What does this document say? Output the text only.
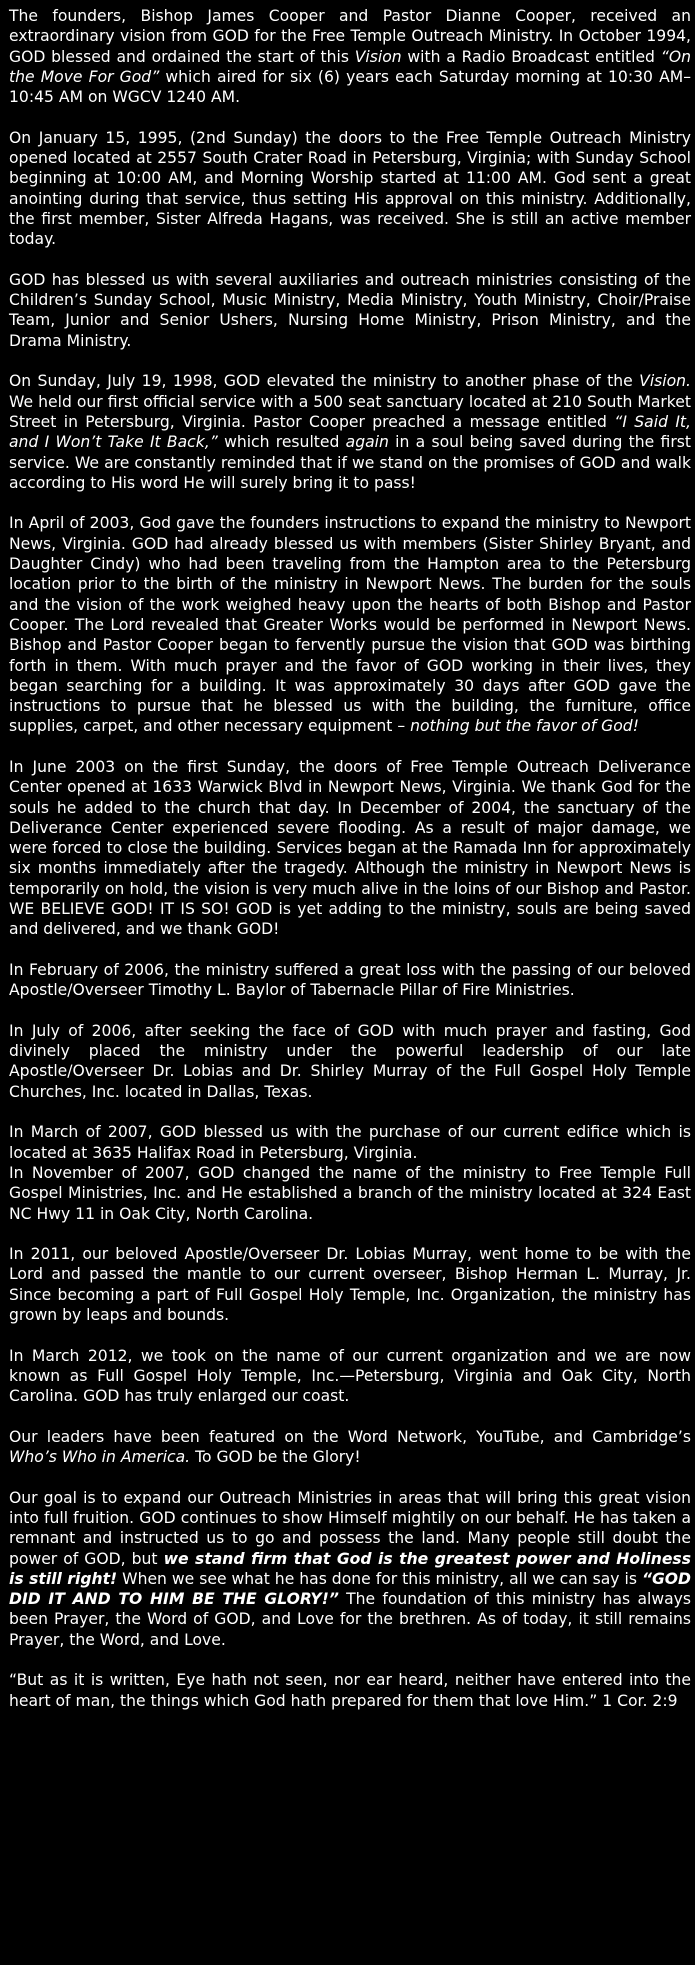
The founders, Bishop James Cooper and Pastor Dianne Cooper, received an extraordinary vision from GOD for the Free Temple Outreach Ministry. In October 1994, GOD blessed and ordained the start of this Vision with a Radio Broadcast entitled “On the Move For God” which aired for six (6) years each Saturday morning at 10:30 AM–10:45 AM on WGCV 1240 AM.

On January 15, 1995, (2nd Sunday) the doors to the Free Temple Outreach Ministry opened located at 2557 South Crater Road in Petersburg, Virginia; with Sunday School beginning at 10:00 AM, and Morning Worship started at 11:00 AM. God sent a great anointing during that service, thus setting His approval on this ministry. Additionally, the first member, Sister Alfreda Hagans, was received. She is still an active member today.

GOD has blessed us with several auxiliaries and outreach ministries consisting of the Children’s Sunday School, Music Ministry, Media Ministry, Youth Ministry, Choir/Praise Team, Junior and Senior Ushers, Nursing Home Ministry, Prison Ministry, and the Drama Ministry.

On Sunday, July 19, 1998, GOD elevated the ministry to another phase of the Vision. We held our first official service with a 500 seat sanctuary located at 210 South Market Street in Petersburg, Virginia. Pastor Cooper preached a message entitled “I Said It, and I Won’t Take It Back,” which resulted again in a soul being saved during the first service. We are constantly reminded that if we stand on the promises of GOD and walk according to His word He will surely bring it to pass!

In April of 2003, God gave the founders instructions to expand the ministry to Newport News, Virginia. GOD had already blessed us with members (Sister Shirley Bryant, and Daughter Cindy) who had been traveling from the Hampton area to the Petersburg location prior to the birth of the ministry in Newport News. The burden for the souls and the vision of the work weighed heavy upon the hearts of both Bishop and Pastor Cooper. The Lord revealed that Greater Works would be performed in Newport News. Bishop and Pastor Cooper began to fervently pursue the vision that GOD was birthing forth in them. With much prayer and the favor of GOD working in their lives, they began searching for a building. It was approximately 30 days after GOD gave the instructions to pursue that he blessed us with the building, the furniture, office supplies, carpet, and other necessary equipment – nothing but the favor of God!

In June 2003 on the first Sunday, the doors of Free Temple Outreach Deliverance Center opened at 1633 Warwick Blvd in Newport News, Virginia. We thank God for the souls he added to the church that day. In December of 2004, the sanctuary of the Deliverance Center experienced severe flooding. As a result of major damage, we were forced to close the building. Services began at the Ramada Inn for approximately six months immediately after the tragedy. Although the ministry in Newport News is temporarily on hold, the vision is very much alive in the loins of our Bishop and Pastor. WE BELIEVE GOD! IT IS SO! GOD is yet adding to the ministry, souls are being saved and delivered, and we thank GOD!

In February of 2006, the ministry suffered a great loss with the passing of our beloved Apostle/Overseer Timothy L. Baylor of Tabernacle Pillar of Fire Ministries.

In July of 2006, after seeking the face of GOD with much prayer and fasting, God divinely placed the ministry under the powerful leadership of our late Apostle/Overseer Dr. Lobias and Dr. Shirley Murray of the Full Gospel Holy Temple Churches, Inc. located in Dallas, Texas.

In March of 2007, GOD blessed us with the purchase of our current edifice which is located at 3635 Halifax Road in Petersburg, Virginia.

In November of 2007, GOD changed the name of the ministry to Free Temple Full Gospel Ministries, Inc. and He established a branch of the ministry located at 324 East NC Hwy 11 in Oak City, North Carolina.

In 2011, our beloved Apostle/Overseer Dr. Lobias Murray, went home to be with the Lord and passed the mantle to our current overseer, Bishop Herman L. Murray, Jr. Since becoming a part of Full Gospel Holy Temple, Inc. Organization, the ministry has grown by leaps and bounds.

In March 2012, we took on the name of our current organization and we are now known as Full Gospel Holy Temple, Inc.—Petersburg, Virginia and Oak City, North Carolina. GOD has truly enlarged our coast.

Our leaders have been featured on the Word Network, YouTube, and Cambridge’s Who’s Who in America. To GOD be the Glory!

Our goal is to expand our Outreach Ministries in areas that will bring this great vision into full fruition. GOD continues to show Himself mightily on our behalf. He has taken a remnant and instructed us to go and possess the land. Many people still doubt the power of GOD, but we stand firm that God is the greatest power and Holiness is still right! When we see what he has done for this ministry, all we can say is “GOD DID IT AND TO HIM BE THE GLORY!” The foundation of this ministry has always been Prayer, the Word of GOD, and Love for the brethren. As of today, it still remains Prayer, the Word, and Love.

“But as it is written, Eye hath not seen, nor ear heard, neither have entered into the heart of man, the things which God hath prepared for them that love Him.” 1 Cor. 2:9
